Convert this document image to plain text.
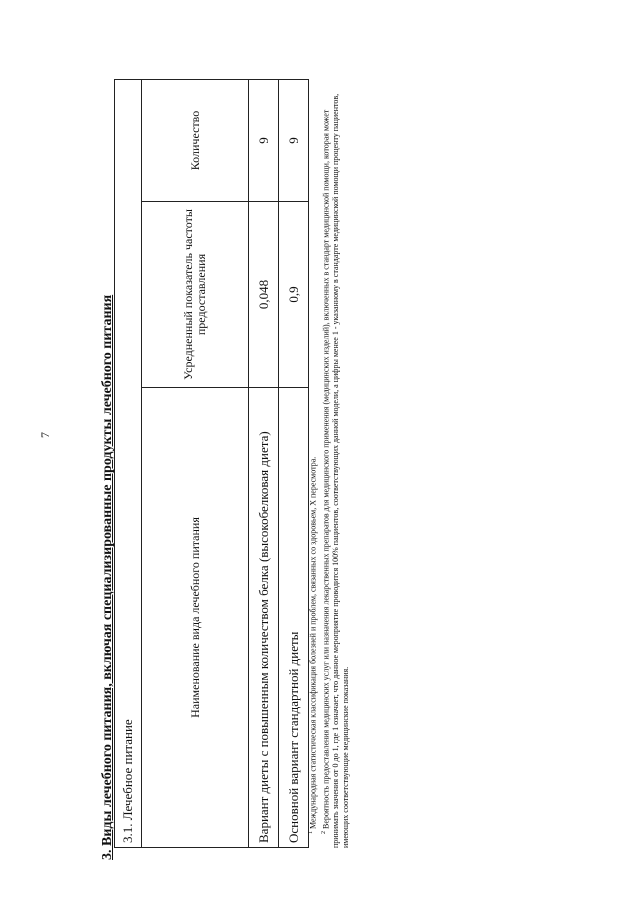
7	3. Виды лечебного питания, включая специализированные продукты лечебного питания 3.1. Лечебное питание		
Наименование вида лечебного питания	Усредненный показатель частоты предоставления	Количество
Вариант диеты с повышенным количеством белка (высокобелковая диета)	0,048	9
Основной вариант стандартной диеты	0,9	9

$^1$ Международная статистическая классификация болезней и проблем, связанных со здоровьем, X пересмотра.

$^2$ Вероятность предоставления медицинских услуг или назначения лекарственных препаратов для медицинского применения (медицинских изделий), включенных в стандарт медицинской помощи, которая может принимать значения от 0 до 1, где 1 означает, что данное мероприятие проводится 100% пациентов, соответствующих данной модели, а цифры менее 1 - указанному в стандарте медицинской помощи проценту пациентов, имеющих соответствующие медицинские показания.
